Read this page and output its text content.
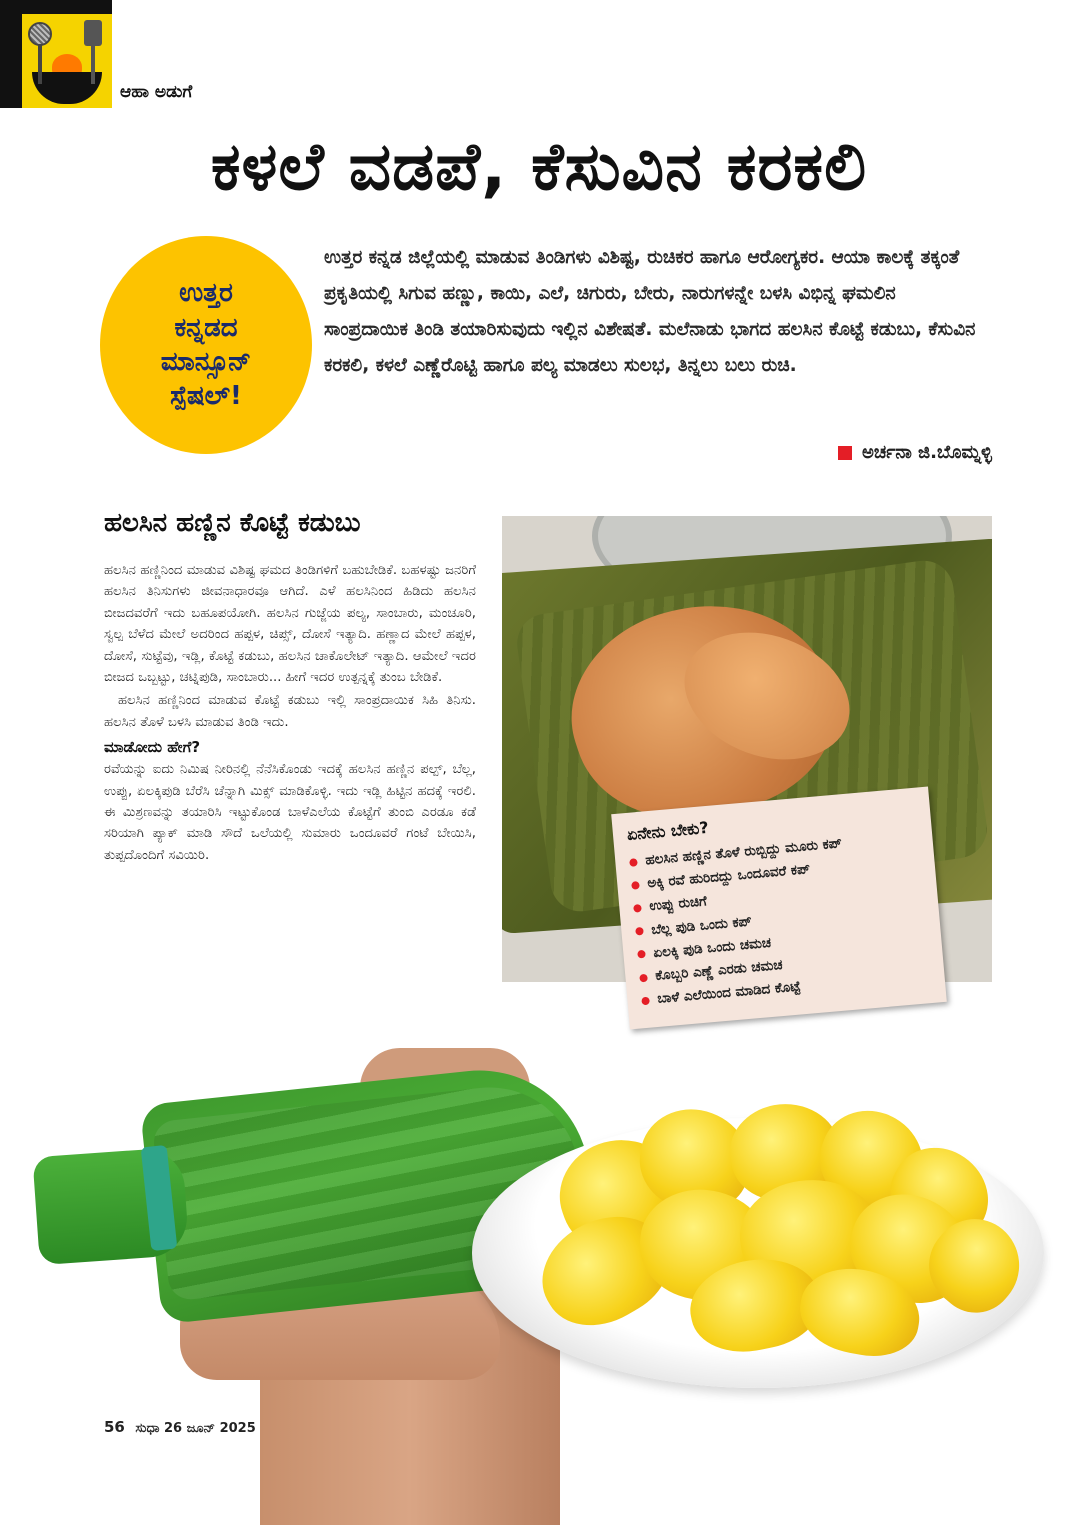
ಆಹಾ ಅಡುಗೆ
ಕಳಲೆ ವಡಪೆ, ಕೆಸುವಿನ ಕರಕಲಿ
ಉತ್ತರ
ಕನ್ನಡದ
ಮಾನ್ಸೂನ್
ಸ್ಪೆಷಲ್!

ಉತ್ತರ ಕನ್ನಡ ಜಿಲ್ಲೆಯಲ್ಲಿ ಮಾಡುವ ತಿಂಡಿಗಳು ವಿಶಿಷ್ಟ, ರುಚಿಕರ ಹಾಗೂ ಆರೋಗ್ಯಕರ. ಆಯಾ ಕಾಲಕ್ಕೆ ತಕ್ಕಂತೆ ಪ್ರಕೃತಿಯಲ್ಲಿ ಸಿಗುವ ಹಣ್ಣು, ಕಾಯಿ, ಎಲೆ, ಚಿಗುರು, ಬೇರು, ನಾರುಗಳನ್ನೇ ಬಳಸಿ ವಿಭಿನ್ನ ಘಮಲಿನ ಸಾಂಪ್ರದಾಯಿಕ ತಿಂಡಿ ತಯಾರಿಸುವುದು ಇಲ್ಲಿನ ವಿಶೇಷತೆ. ಮಲೆನಾಡು ಭಾಗದ ಹಲಸಿನ ಕೊಟ್ಟೆ ಕಡುಬು, ಕೆಸುವಿನ ಕರಕಲಿ, ಕಳಲೆ ಎಣ್ಣೆರೊಟ್ಟಿ ಹಾಗೂ ಪಲ್ಯ ಮಾಡಲು ಸುಲಭ, ತಿನ್ನಲು ಬಲು ರುಚಿ.

ಅರ್ಚನಾ ಜಿ.ಬೊಮ್ನಳ್ಳಿ
ಹಲಸಿನ ಹಣ್ಣಿನ ಕೊಟ್ಟೆ ಕಡುಬು

ಹಲಸಿನ ಹಣ್ಣಿನಿಂದ ಮಾಡುವ ವಿಶಿಷ್ಟ ಘಮದ ತಿಂಡಿಗಳಿಗೆ ಬಹುಬೇಡಿಕೆ. ಬಹಳಷ್ಟು ಜನರಿಗೆ ಹಲಸಿನ ತಿನಿಸುಗಳು ಜೀವನಾಧಾರವೂ ಆಗಿದೆ. ಎಳೆ ಹಲಸಿನಿಂದ ಹಿಡಿದು ಹಲಸಿನ ಬೀಜದವರೆಗೆ ಇದು ಬಹೂಪಯೋಗಿ. ಹಲಸಿನ ಗುಜ್ಜೆಯ ಪಲ್ಯ, ಸಾಂಬಾರು, ಮಂಚೂರಿ, ಸ್ವಲ್ಪ ಬೆಳೆದ ಮೇಲೆ ಅದರಿಂದ ಹಪ್ಪಳ, ಚಿಪ್ಸ್, ದೋಸೆ ಇತ್ಯಾದಿ. ಹಣ್ಣಾದ ಮೇಲೆ ಹಪ್ಪಳ, ದೋಸೆ, ಸುಟ್ಟೆವು, ಇಡ್ಲಿ, ಕೊಟ್ಟೆ ಕಡುಬು, ಹಲಸಿನ ಚಾಕೊಲೇಟ್ ಇತ್ಯಾದಿ. ಆಮೇಲೆ ಇದರ ಬೀಜದ ಒಬ್ಬಟ್ಟು, ಚಟ್ನಿಪುಡಿ, ಸಾಂಬಾರು... ಹೀಗೆ ಇದರ ಉತ್ಪನ್ನಕ್ಕೆ ತುಂಬ ಬೇಡಿಕೆ.

ಹಲಸಿನ ಹಣ್ಣಿನಿಂದ ಮಾಡುವ ಕೊಟ್ಟೆ ಕಡುಬು ಇಲ್ಲಿ ಸಾಂಪ್ರದಾಯಿಕ ಸಿಹಿ ತಿನಿಸು. ಹಲಸಿನ ತೊಳೆ ಬಳಸಿ ಮಾಡುವ ತಿಂಡಿ ಇದು.

ಮಾಡೋದು ಹೇಗೆ?

ರವೆಯನ್ನು ಐದು ನಿಮಿಷ ನೀರಿನಲ್ಲಿ ನೆನೆಸಿಕೊಂಡು ಇದಕ್ಕೆ ಹಲಸಿನ ಹಣ್ಣಿನ ಪಲ್ಪ್, ಬೆಲ್ಲ, ಉಪ್ಪು, ಏಲಕ್ಕಿಪುಡಿ ಬೆರೆಸಿ ಚೆನ್ನಾಗಿ ಮಿಕ್ಸ್ ಮಾಡಿಕೊಳ್ಳಿ. ಇದು ಇಡ್ಲಿ ಹಿಟ್ಟಿನ ಹದಕ್ಕೆ ಇರಲಿ. ಈ ಮಿಶ್ರಣವನ್ನು ತಯಾರಿಸಿ ಇಟ್ಟುಕೊಂಡ ಬಾಳೆಎಲೆಯ ಕೊಟ್ಟೆಗೆ ತುಂಬಿ ಎರಡೂ ಕಡೆ ಸರಿಯಾಗಿ ಪ್ಯಾಕ್ ಮಾಡಿ ಸೌದೆ ಒಲೆಯಲ್ಲಿ ಸುಮಾರು ಒಂದೂವರೆ ಗಂಟೆ ಬೇಯಿಸಿ, ತುಪ್ಪದೊಂದಿಗೆ ಸವಿಯಿರಿ.

ಏನೇನು ಬೇಕು?
ಹಲಸಿನ ಹಣ್ಣಿನ ತೊಳೆ ರುಬ್ಬಿದ್ದು ಮೂರು ಕಪ್
ಅಕ್ಕಿ ರವೆ ಹುರಿದದ್ದು ಒಂದೂವರೆ ಕಪ್
ಉಪ್ಪು ರುಚಿಗೆ
ಬೆಲ್ಲ ಪುಡಿ ಒಂದು ಕಪ್
ಏಲಕ್ಕಿ ಪುಡಿ ಒಂದು ಚಮಚ
ಕೊಬ್ಬರಿ ಎಣ್ಣೆ ಎರಡು ಚಮಚ
ಬಾಳೆ ಎಲೆಯಿಂದ ಮಾಡಿದ ಕೊಟ್ಟೆ
56 ಸುಧಾ 26 ಜೂನ್ 2025
